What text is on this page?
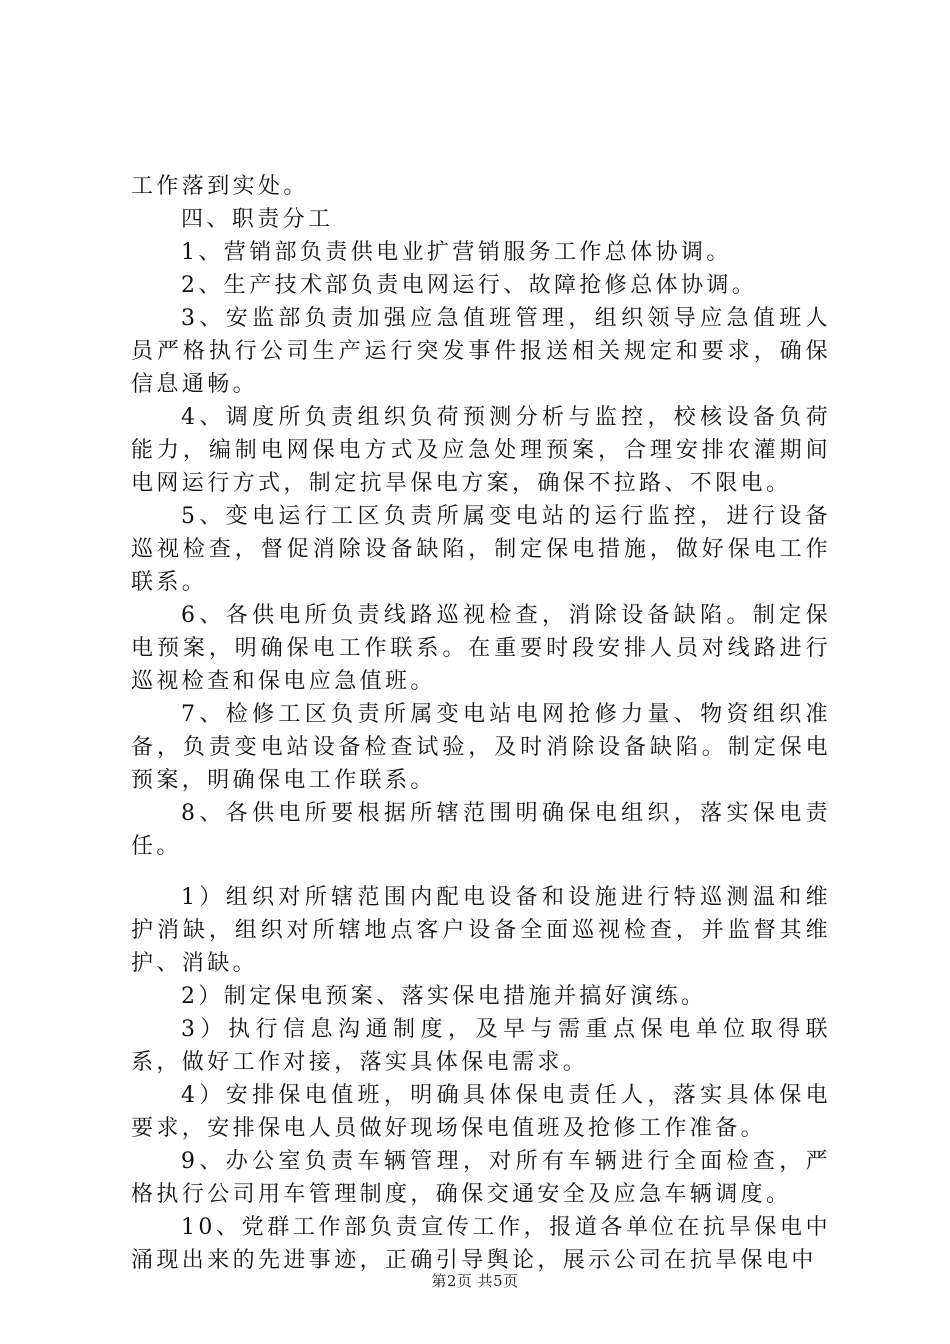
工作落到实处。

四、职责分工

1、营销部负责供电业扩营销服务工作总体协调。

2、生产技术部负责电网运行、故障抢修总体协调。

3、安监部负责加强应急值班管理，组织领导应急值班人员严格执行公司生产运行突发事件报送相关规定和要求，确保信息通畅。

4、调度所负责组织负荷预测分析与监控，校核设备负荷能力，编制电网保电方式及应急处理预案，合理安排农灌期间电网运行方式，制定抗旱保电方案，确保不拉路、不限电。

5、变电运行工区负责所属变电站的运行监控，进行设备巡视检查，督促消除设备缺陷，制定保电措施，做好保电工作联系。

6、各供电所负责线路巡视检查，消除设备缺陷。制定保电预案，明确保电工作联系。在重要时段安排人员对线路进行巡视检查和保电应急值班。

7、检修工区负责所属变电站电网抢修力量、物资组织准备，负责变电站设备检查试验，及时消除设备缺陷。制定保电预案，明确保电工作联系。

8、各供电所要根据所辖范围明确保电组织，落实保电责任。

1）组织对所辖范围内配电设备和设施进行特巡测温和维护消缺，组织对所辖地点客户设备全面巡视检查，并监督其维护、消缺。

2）制定保电预案、落实保电措施并搞好演练。

3）执行信息沟通制度，及早与需重点保电单位取得联系，做好工作对接，落实具体保电需求。

4）安排保电值班，明确具体保电责任人，落实具体保电要求，安排保电人员做好现场保电值班及抢修工作准备。

9、办公室负责车辆管理，对所有车辆进行全面检查，严格执行公司用车管理制度，确保交通安全及应急车辆调度。

10、党群工作部负责宣传工作，报道各单位在抗旱保电中涌现出来的先进事迹，正确引导舆论，展示公司在抗旱保电中

第2页 共5页
